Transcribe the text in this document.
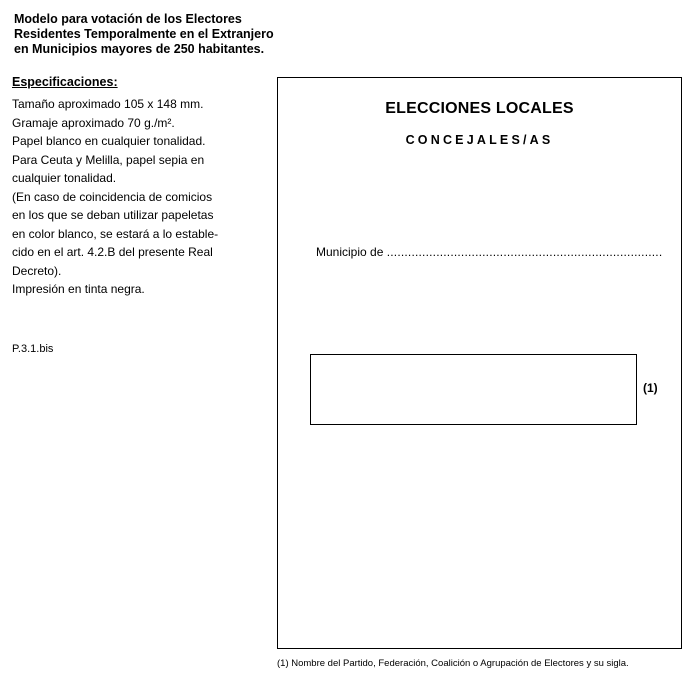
Modelo para votación de los Electores
Residentes Temporalmente en el Extranjero
en Municipios mayores de 250 habitantes.
Especificaciones:
Tamaño aproximado 105 x 148 mm.
Gramaje aproximado 70 g./m².
Papel blanco en cualquier tonalidad.
Para Ceuta y Melilla, papel sepia en
cualquier tonalidad.
(En caso de coincidencia de comicios
en los que se deban utilizar papeletas
en color blanco, se estará a lo estable-
cido en el art. 4.2.B del presente Real
Decreto).
Impresión en tinta negra.
P.3.1.bis
ELECCIONES LOCALES
CONCEJALES/AS
Municipio de ..............................................................................
(1)
(1) Nombre del Partido, Federación, Coalición o Agrupación de Electores y su sigla.
